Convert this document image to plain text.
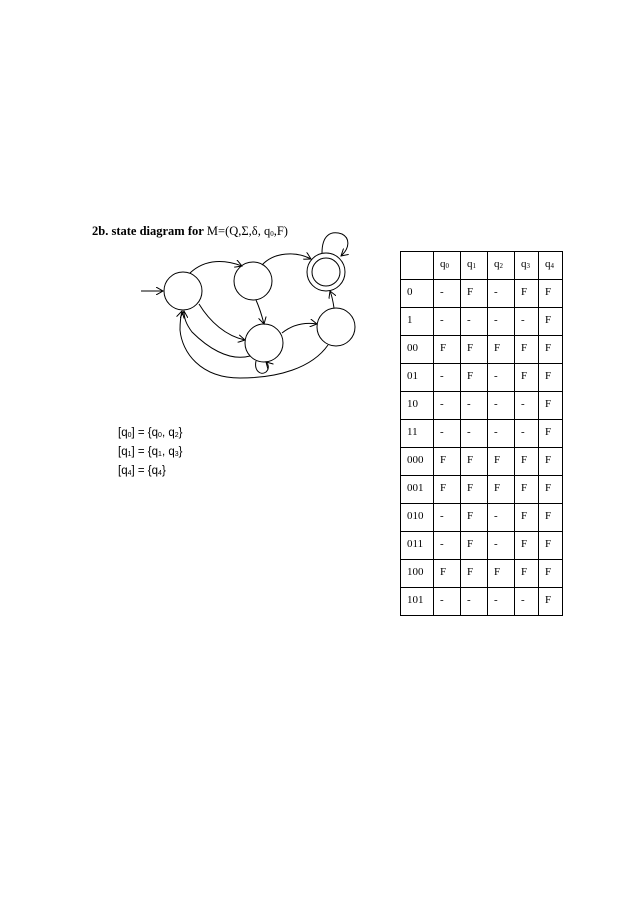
2b. state diagram for M=(Q,Σ,δ, $q_0,F$)
$[q_0] = \{q_0$, $q_2$}
$[q_1] = \{q_1$, $q_3$}
$[q_4] = \{q_4\}$
	$q_0$	$q_1$	$q_2$	$q_3$	$q_4$
0	-	F	-	F	F
1	-	-	-	-	F
00	F	F	F	F	F
01	-	F	-	F	F
10	-	-	-	-	F
11	-	-	-	-	F
000	F	F	F	F	F
001	F	F	F	F	F
010	-	F	-	F	F
011	-	F	-	F	F
100	F	F	F	F	F
101	-	-	-	-	F
